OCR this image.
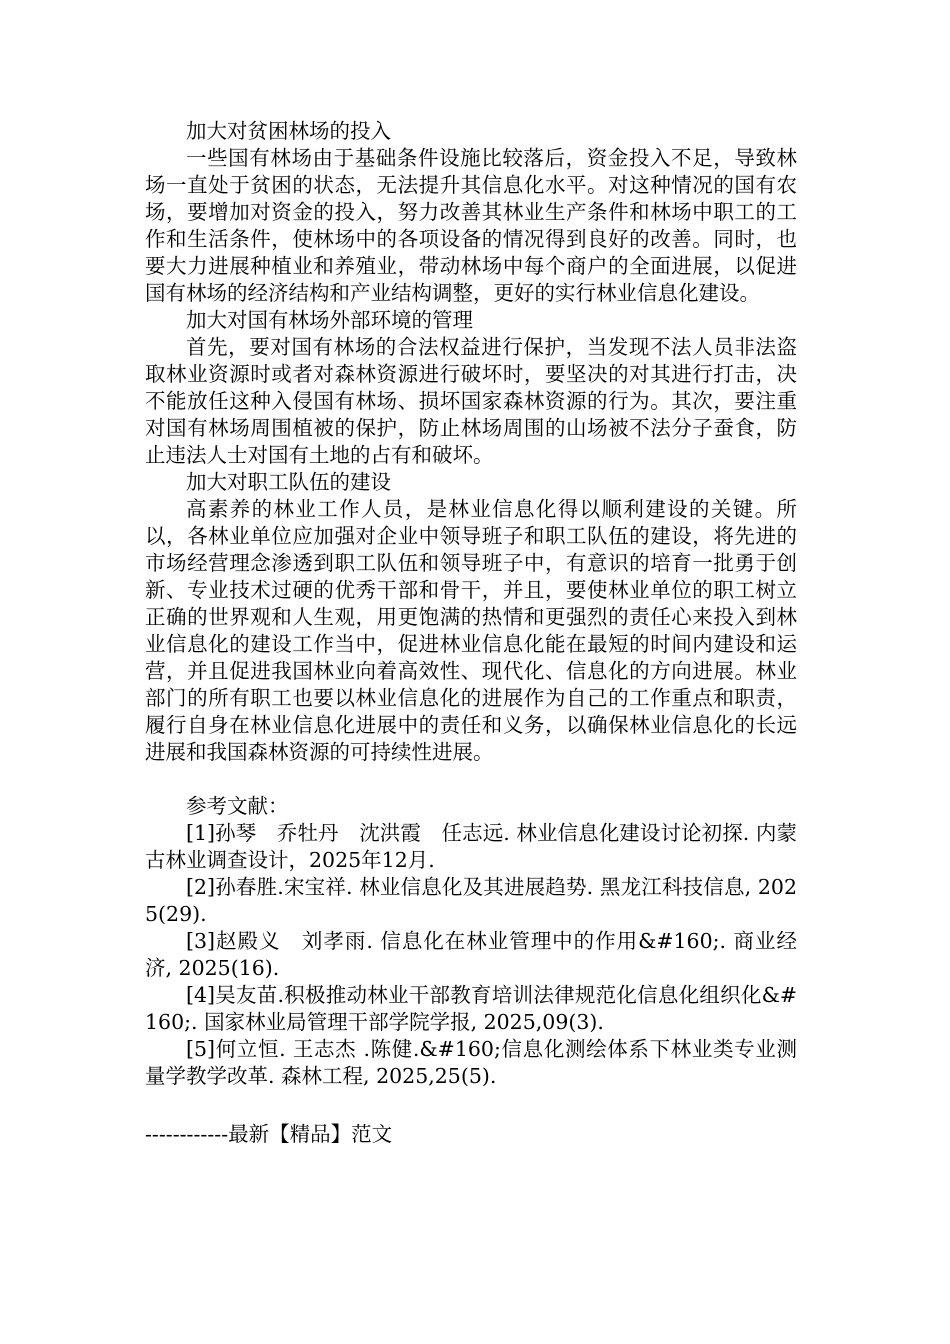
加大对贫困林场的投入

一些国有林场由于基础条件设施比较落后，资金投入不足，导致林场一直处于贫困的状态，无法提升其信息化水平。对这种情况的国有农场，要增加对资金的投入，努力改善其林业生产条件和林场中职工的工作和生活条件，使林场中的各项设备的情况得到良好的改善。同时，也要大力进展种植业和养殖业，带动林场中每个商户的全面进展，以促进国有林场的经济结构和产业结构调整，更好的实行林业信息化建设。

加大对国有林场外部环境的管理

首先，要对国有林场的合法权益进行保护，当发现不法人员非法盗取林业资源时或者对森林资源进行破坏时，要坚决的对其进行打击，决不能放任这种入侵国有林场、损坏国家森林资源的行为。其次，要注重对国有林场周围植被的保护，防止林场周围的山场被不法分子蚕食，防止违法人士对国有土地的占有和破坏。

加大对职工队伍的建设

高素养的林业工作人员，是林业信息化得以顺利建设的关键。所以，各林业单位应加强对企业中领导班子和职工队伍的建设，将先进的市场经营理念渗透到职工队伍和领导班子中，有意识的培育一批勇于创新、专业技术过硬的优秀干部和骨干，并且，要使林业单位的职工树立正确的世界观和人生观，用更饱满的热情和更强烈的责任心来投入到林业信息化的建设工作当中，促进林业信息化能在最短的时间内建设和运营，并且促进我国林业向着高效性、现代化、信息化的方向进展。林业部门的所有职工也要以林业信息化的进展作为自己的工作重点和职责，履行自身在林业信息化进展中的责任和义务，以确保林业信息化的长远进展和我国森林资源的可持续性进展。

参考文献：

[1]孙琴　乔牡丹　沈洪霞　任志远. 林业信息化建设讨论初探. 内蒙古林业调查设计，2025年12月.

[2]孙春胜.宋宝祥. 林业信息化及其进展趋势. 黑龙江科技信息, 2025(29).

[3]赵殿义　刘孝雨. 信息化在林业管理中的作用&#160;. 商业经济, 2025(16).

[4]吴友苗.积极推动林业干部教育培训法律规范化信息化组织化&#160;. 国家林业局管理干部学院学报, 2025,09(3).

[5]何立恒. 王志杰 .陈健.&#160;信息化测绘体系下林业类专业测量学教学改革. 森林工程, 2025,25(5).

------------最新【精品】范文
